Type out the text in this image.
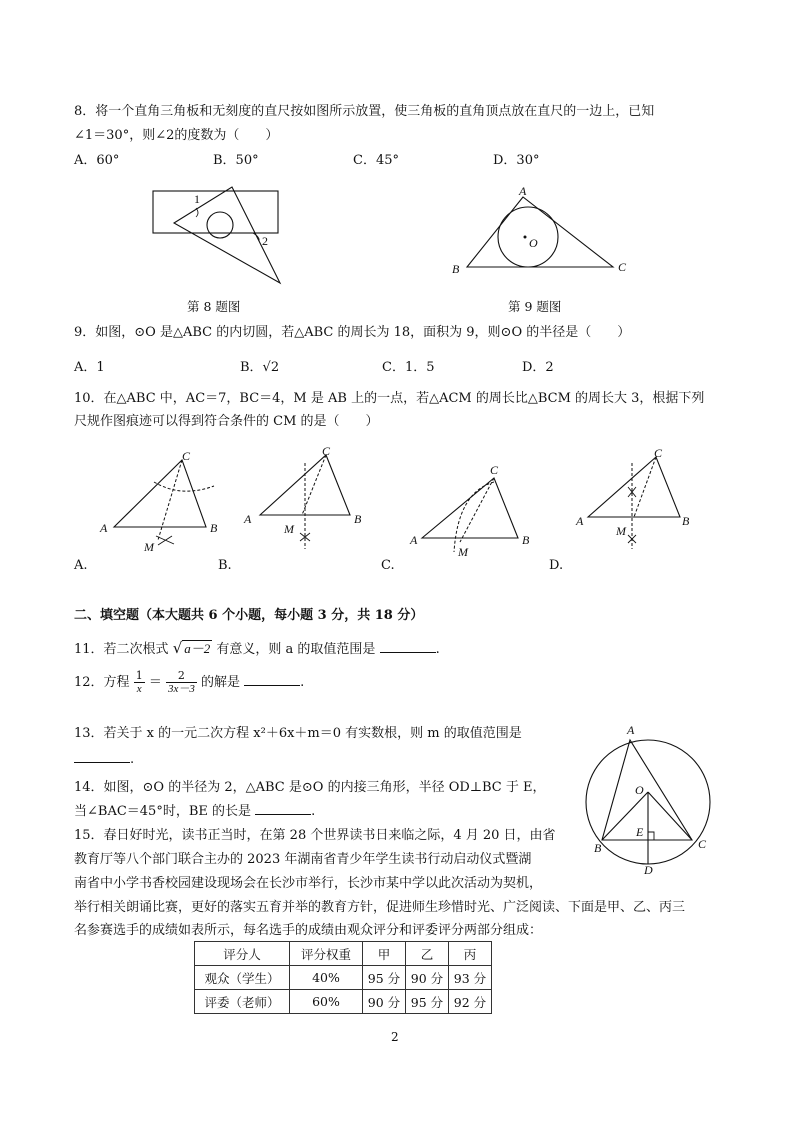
8．将一个直角三角板和无刻度的直尺按如图所示放置，使三角板的直角顶点放在直尺的一边上，已知
∠1＝30°，则∠2的度数为（　　）
A．60°	B．50°	C．45°	D．30°
1
2
第 8 题图
A
B	C
O
第 9 题图
9．如图，⊙O 是△ABC 的内切圆，若△ABC 的周长为 18，面积为 9，则⊙O 的半径是（　　）
A．1	B．√2	C．1．5	D．2
10．在△ABC 中，AC＝7，BC＝4，M 是 AB 上的一点，若△ACM 的周长比△BCM 的周长大 3，根据下列
尺规作图痕迹可以得到符合条件的 CM 的是（　　）
C
A	B
M
A.
C
A	B
M
B.
C
A	B
M
C.
C
A	B
M
D.
二、填空题（本大题共 6 个小题，每小题 3 分，共 18 分）
11．若二次根式 √ a－2 有意义，则 a 的取值范围是	.
12．方程 $\frac{1}{x} = \frac{2}{3x-3}$ 的解是	.
13．若关于 x 的一元二次方程 x²＋6x＋m＝0 有实数根，则 m 的取值范围是
.
14．如图，⊙O 的半径为 2，△ABC 是⊙O 的内接三角形，半径 OD⊥BC 于 E，
当∠BAC＝45°时，BE 的长是	.
A
O
E
B	C
D
15．春日好时光，读书正当时，在第 28 个世界读书日来临之际，4 月 20 日，由省
教育厅等八个部门联合主办的 2023 年湖南省青少年学生读书行动启动仪式暨湖
南省中小学书香校园建设现场会在长沙市举行，长沙市某中学以此次活动为契机，
举行相关朗诵比赛，更好的落实五育并举的教育方针，促进师生珍惜时光、广泛阅读、下面是甲、乙、丙三
名参赛选手的成绩如表所示，每名选手的成绩由观众评分和评委评分两部分组成：
评分人	评分权重	甲	乙	丙
观众（学生）	40%	95 分	90 分	93 分
评委（老师）	60%	90 分	95 分	92 分
2
